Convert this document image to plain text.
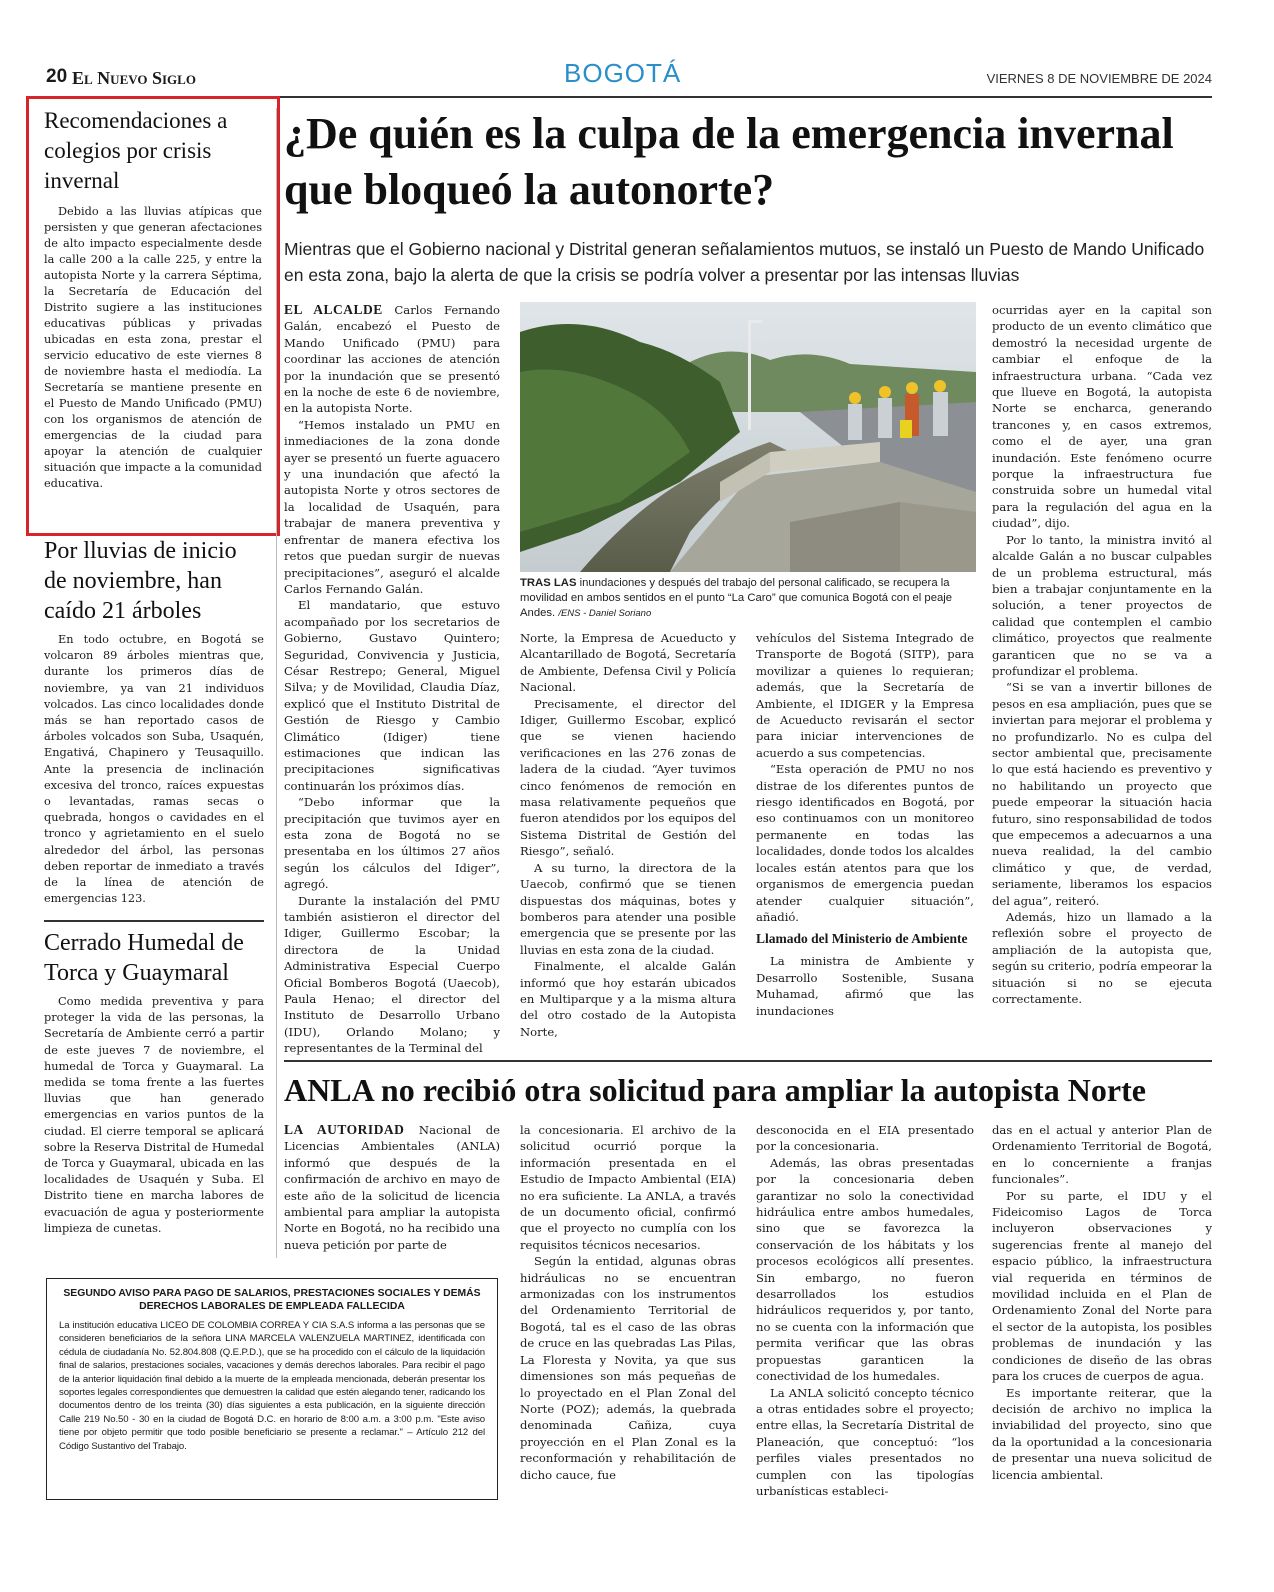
20 El Nuevo Siglo	BOGOTÁ	VIERNES 8 DE NOVIEMBRE DE 2024
Recomendaciones a colegios por crisis invernal

Debido a las lluvias atípicas que persisten y que generan afectaciones de alto impacto especialmente desde la calle 200 a la calle 225, y entre la autopista Norte y la carrera Séptima, la Secretaría de Educación del Distrito sugiere a las instituciones educativas públicas y privadas ubicadas en esta zona, prestar el servicio educativo de este viernes 8 de noviembre hasta el mediodía. La Secretaría se mantiene presente en el Puesto de Mando Unificado (PMU) con los organismos de atención de emergencias de la ciudad para apoyar la atención de cualquier situación que impacte a la comunidad educativa.

Por lluvias de inicio de noviembre, han caído 21 árboles

En todo octubre, en Bogotá se volcaron 89 árboles mientras que, durante los primeros días de noviembre, ya van 21 individuos volcados. Las cinco localidades donde más se han reportado casos de árboles volcados son Suba, Usaquén, Engativá, Chapinero y Teusaquillo. Ante la presencia de inclinación excesiva del tronco, raíces expuestas o levantadas, ramas secas o quebrada, hongos o cavidades en el tronco y agrietamiento en el suelo alrededor del árbol, las personas deben reportar de inmediato a través de la línea de atención de emergencias 123.

Cerrado Humedal de Torca y Guaymaral

Como medida preventiva y para proteger la vida de las personas, la Secretaría de Ambiente cerró a partir de este jueves 7 de noviembre, el humedal de Torca y Guaymaral. La medida se toma frente a las fuertes lluvias que han generado emergencias en varios puntos de la ciudad. El cierre temporal se aplicará sobre la Reserva Distrital de Humedal de Torca y Guaymaral, ubicada en las localidades de Usaquén y Suba. El Distrito tiene en marcha labores de evacuación de agua y posteriormente limpieza de cunetas.

¿De quién es la culpa de la emergencia invernal que bloqueó la autonorte?

Mientras que el Gobierno nacional y Distrital generan señalamientos mutuos, se instaló un Puesto de Mando Unificado en esta zona, bajo la alerta de que la crisis se podría volver a presentar por las intensas lluvias

EL ALCALDE Carlos Fernando Galán, encabezó el Puesto de Mando Unificado (PMU) para coordinar las acciones de atención por la inundación que se presentó en la noche de este 6 de noviembre, en la autopista Norte.

“Hemos instalado un PMU en inmediaciones de la zona donde ayer se presentó un fuerte aguacero y una inundación que afectó la autopista Norte y otros sectores de la localidad de Usaquén, para trabajar de manera preventiva y enfrentar de manera efectiva los retos que puedan surgir de nuevas precipitaciones”, aseguró el alcalde Carlos Fernando Galán.

El mandatario, que estuvo acompañado por los secretarios de Gobierno, Gustavo Quintero; Seguridad, Convivencia y Justicia, César Restrepo; General, Miguel Silva; y de Movilidad, Claudia Díaz, explicó que el Instituto Distrital de Gestión de Riesgo y Cambio Climático (Idiger) tiene estimaciones que indican las precipitaciones significativas continuarán los próximos días.

“Debo informar que la precipitación que tuvimos ayer en esta zona de Bogotá no se presentaba en los últimos 27 años según los cálculos del Idiger”, agregó.

Durante la instalación del PMU también asistieron el director del Idiger, Guillermo Escobar; la directora de la Unidad Administrativa Especial Cuerpo Oficial Bomberos Bogotá (Uaecob), Paula Henao; el director del Instituto de Desarrollo Urbano (IDU), Orlando Molano; y representantes de la Terminal del

TRAS LAS inundaciones y después del trabajo del personal calificado, se recupera la movilidad en ambos sentidos en el punto “La Caro” que comunica Bogotá con el peaje Andes. /ENS - Daniel Soriano

Norte, la Empresa de Acueducto y Alcantarillado de Bogotá, Secretaría de Ambiente, Defensa Civil y Policía Nacional.

Precisamente, el director del Idiger, Guillermo Escobar, explicó que se vienen haciendo verificaciones en las 276 zonas de ladera de la ciudad. “Ayer tuvimos cinco fenómenos de remoción en masa relativamente pequeños que fueron atendidos por los equipos del Sistema Distrital de Gestión del Riesgo”, señaló.

A su turno, la directora de la Uaecob, confirmó que se tienen dispuestas dos máquinas, botes y bomberos para atender una posible emergencia que se presente por las lluvias en esta zona de la ciudad.

Finalmente, el alcalde Galán informó que hoy estarán ubicados en Multiparque y a la misma altura del otro costado de la Autopista Norte,

vehículos del Sistema Integrado de Transporte de Bogotá (SITP), para movilizar a quienes lo requieran; además, que la Secretaría de Ambiente, el IDIGER y la Empresa de Acueducto revisarán el sector para iniciar intervenciones de acuerdo a sus competencias.

“Esta operación de PMU no nos distrae de los diferentes puntos de riesgo identificados en Bogotá, por eso continuamos con un monitoreo permanente en todas las localidades, donde todos los alcaldes locales están atentos para que los organismos de emergencia puedan atender cualquier situación”, añadió.

Llamado del Ministerio de Ambiente

La ministra de Ambiente y Desarrollo Sostenible, Susana Muhamad, afirmó que las inundaciones

ocurridas ayer en la capital son producto de un evento climático que demostró la necesidad urgente de cambiar el enfoque de la infraestructura urbana. “Cada vez que llueve en Bogotá, la autopista Norte se encharca, generando trancones y, en casos extremos, como el de ayer, una gran inundación. Este fenómeno ocurre porque la infraestructura fue construida sobre un humedal vital para la regulación del agua en la ciudad”, dijo.

Por lo tanto, la ministra invitó al alcalde Galán a no buscar culpables de un problema estructural, más bien a trabajar conjuntamente en la solución, a tener proyectos de calidad que contemplen el cambio climático, proyectos que realmente garanticen que no se va a profundizar el problema.

“Si se van a invertir billones de pesos en esa ampliación, pues que se inviertan para mejorar el problema y no profundizarlo. No es culpa del sector ambiental que, precisamente lo que está haciendo es preventivo y no habilitando un proyecto que puede empeorar la situación hacia futuro, sino responsabilidad de todos que empecemos a adecuarnos a una nueva realidad, la del cambio climático y que, de verdad, seriamente, liberamos los espacios del agua”, reiteró.

Además, hizo un llamado a la reflexión sobre el proyecto de ampliación de la autopista que, según su criterio, podría empeorar la situación si no se ejecuta correctamente.

ANLA no recibió otra solicitud para ampliar la autopista Norte

LA AUTORIDAD Nacional de Licencias Ambientales (ANLA) informó que después de la confirmación de archivo en mayo de este año de la solicitud de licencia ambiental para ampliar la autopista Norte en Bogotá, no ha recibido una nueva petición por parte de

la concesionaria. El archivo de la solicitud ocurrió porque la información presentada en el Estudio de Impacto Ambiental (EIA) no era suficiente. La ANLA, a través de un documento oficial, confirmó que el proyecto no cumplía con los requisitos técnicos necesarios.

Según la entidad, algunas obras hidráulicas no se encuentran armonizadas con los instrumentos del Ordenamiento Territorial de Bogotá, tal es el caso de las obras de cruce en las quebradas Las Pilas, La Floresta y Novita, ya que sus dimensiones son más pequeñas de lo proyectado en el Plan Zonal del Norte (POZ); además, la quebrada denominada Cañiza, cuya proyección en el Plan Zonal es la reconformación y rehabilitación de dicho cauce, fue

desconocida en el EIA presentado por la concesionaria.

Además, las obras presentadas por la concesionaria deben garantizar no solo la conectividad hidráulica entre ambos humedales, sino que se favorezca la conservación de los hábitats y los procesos ecológicos allí presentes. Sin embargo, no fueron desarrollados los estudios hidráulicos requeridos y, por tanto, no se cuenta con la información que permita verificar que las obras propuestas garanticen la conectividad de los humedales.

La ANLA solicitó concepto técnico a otras entidades sobre el proyecto; entre ellas, la Secretaría Distrital de Planeación, que conceptuó: “los perfiles viales presentados no cumplen con las tipologías urbanísticas estableci-

das en el actual y anterior Plan de Ordenamiento Territorial de Bogotá, en lo concerniente a franjas funcionales”.

Por su parte, el IDU y el Fideicomiso Lagos de Torca incluyeron observaciones y sugerencias frente al manejo del espacio público, la infraestructura vial requerida en términos de movilidad incluida en el Plan de Ordenamiento Zonal del Norte para el sector de la autopista, los posibles problemas de inundación y las condiciones de diseño de las obras para los cruces de cuerpos de agua.

Es importante reiterar, que la decisión de archivo no implica la inviabilidad del proyecto, sino que da la oportunidad a la concesionaria de presentar una nueva solicitud de licencia ambiental.

SEGUNDO AVISO PARA PAGO DE SALARIOS, PRESTACIONES SOCIALES Y DEMÁS DERECHOS LABORALES DE EMPLEADA FALLECIDA

La institución educativa LICEO DE COLOMBIA CORREA Y CIA S.A.S informa a las personas que se consideren beneficiarios de la señora LINA MARCELA VALENZUELA MARTINEZ, identificada con cédula de ciudadanía No. 52.804.808 (Q.E.P.D.), que se ha procedido con el cálculo de la liquidación final de salarios, prestaciones sociales, vacaciones y demás derechos laborales. Para recibir el pago de la anterior liquidación final debido a la muerte de la empleada mencionada, deberán presentar los soportes legales correspondientes que demuestren la calidad que estén alegando tener, radicando los documentos dentro de los treinta (30) días siguientes a esta publicación, en la siguiente dirección Calle 219 No.50 - 30 en la ciudad de Bogotá D.C. en horario de 8:00 a.m. a 3:00 p.m. "Este aviso tiene por objeto permitir que todo posible beneficiario se presente a reclamar." – Artículo 212 del Código Sustantivo del Trabajo.
